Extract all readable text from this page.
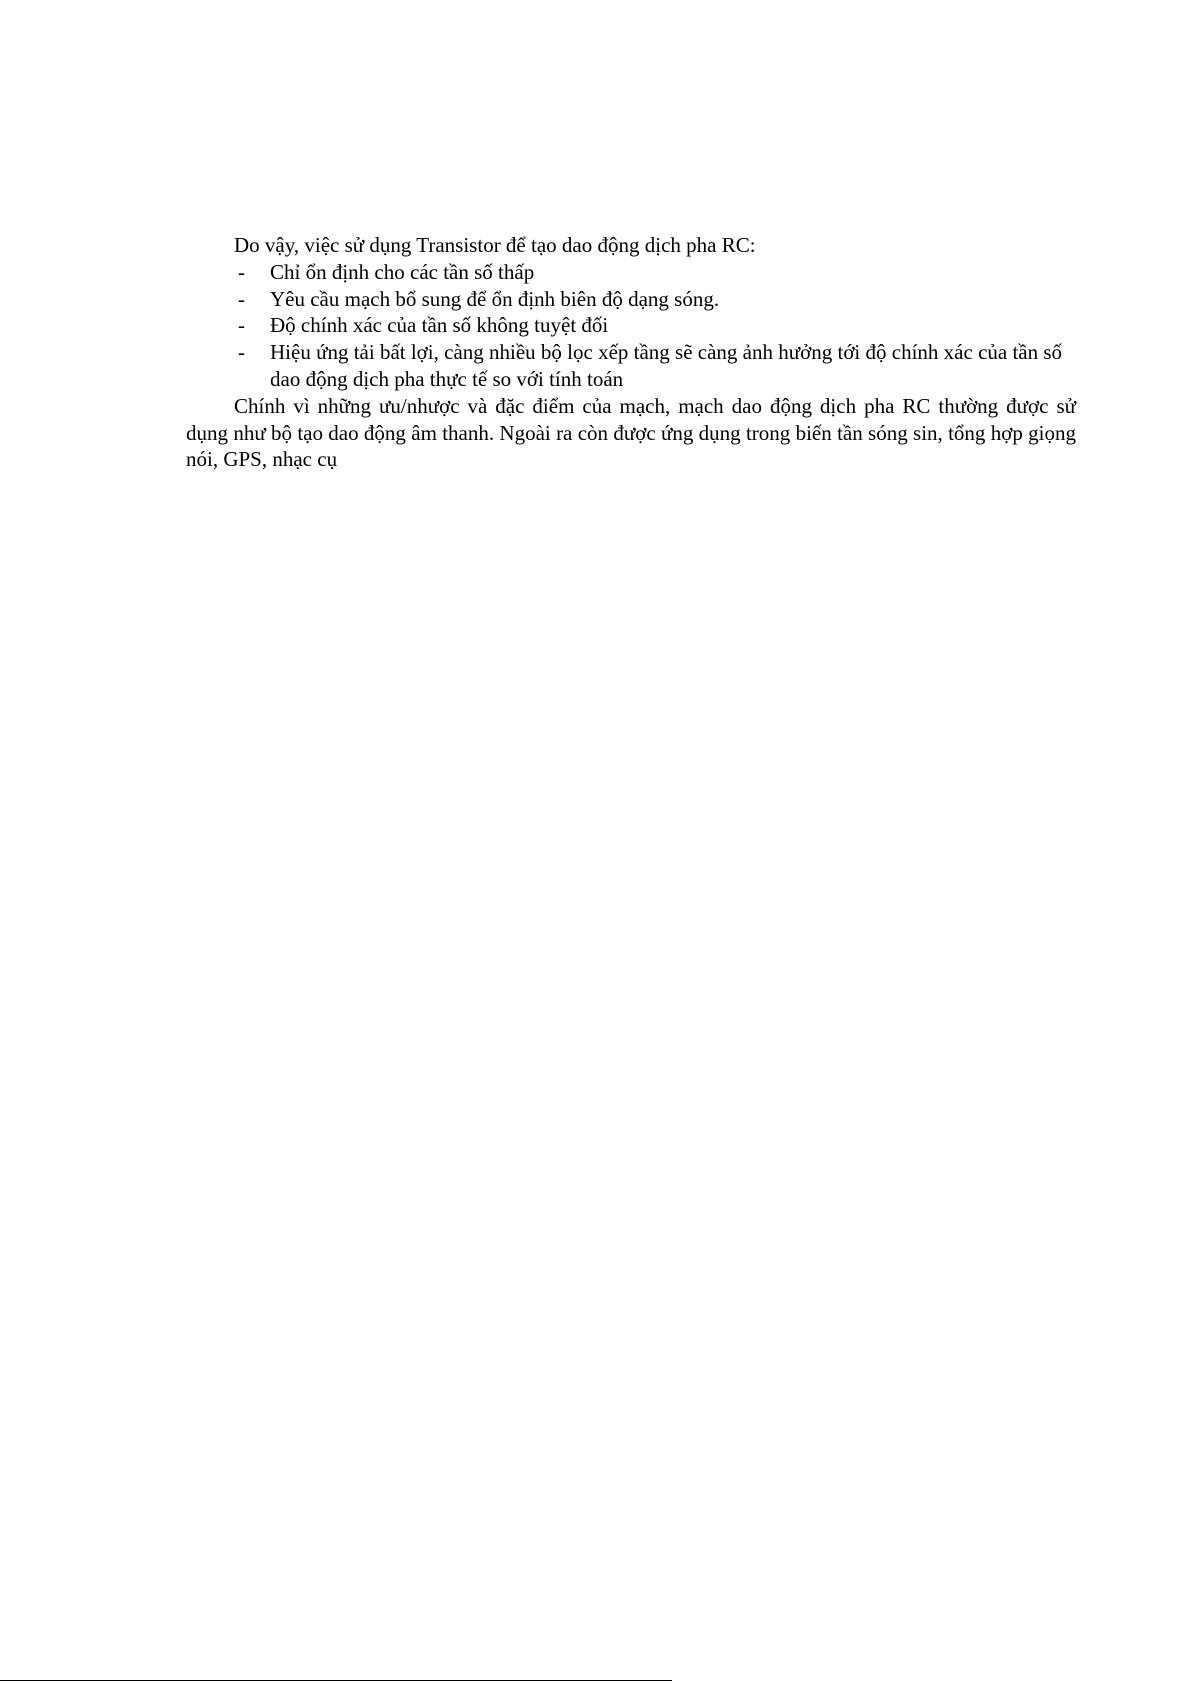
Do vậy, việc sử dụng Transistor để tạo dao động dịch pha RC:

- Chỉ ổn định cho các tần số thấp
- Yêu cầu mạch bổ sung để ổn định biên độ dạng sóng.
- Độ chính xác của tần số không tuyệt đối
- Hiệu ứng tải bất lợi, càng nhiều bộ lọc xếp tầng sẽ càng ảnh hưởng tới độ chính xác của tần số dao động dịch pha thực tế so với tính toán

Chính vì những ưu/nhược và đặc điểm của mạch, mạch dao động dịch pha RC thường được sử dụng như bộ tạo dao động âm thanh. Ngoài ra còn được ứng dụng trong biến tần sóng sin, tổng hợp giọng nói, GPS, nhạc cụ
